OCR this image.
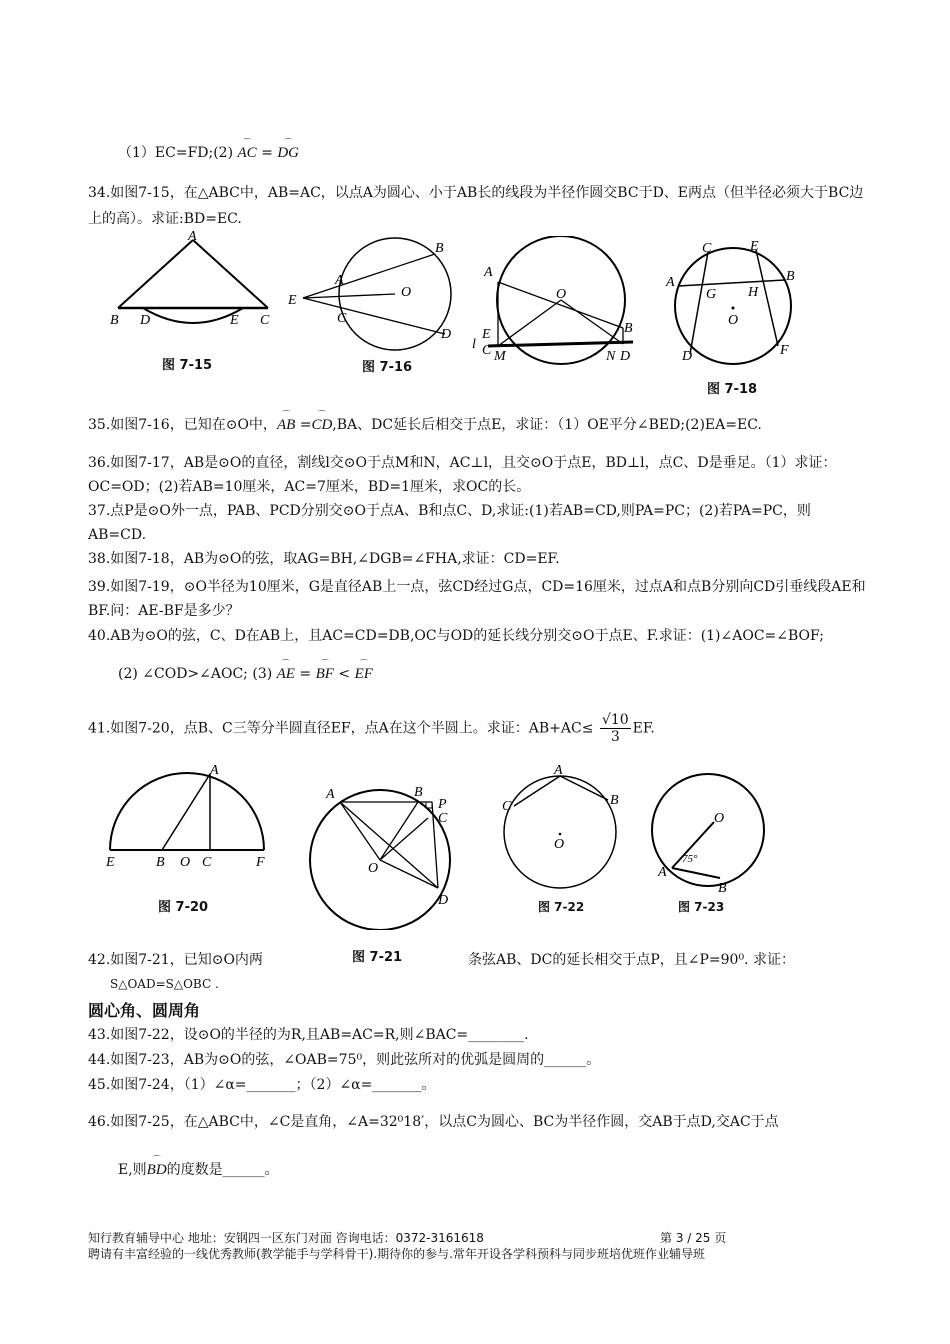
（1）EC=FD;(2) ⌒ AC = ⌒ DG
34.如图7-15，在△ABC中，AB=AC，以点A为圆心、小于AB长的线段为半径作圆交BC于D、E两点（但半径必须大于BC边上的高）。求证:BD=EC.
A
B D	E C
图 7-15
A
B
E
O
C
D
图 7-16
A
O
E
C M	N D
B
l
C	E
A
G H
B
O
D	F
图 7-18
35.如图7-16，已知在⊙O中，⌒ AB =⌒ CD,BA、DC延长后相交于点E，求证：（1）OE平分∠BED;(2)EA=EC.
36.如图7-17，AB是⊙O的直径，割线l交⊙O于点M和N，AC⊥l，且交⊙O于点E，BD⊥l，点C、D是垂足。（1）求证：OC=OD；(2)若AB=10厘米，AC=7厘米，BD=1厘米，求OC的长。
37.点P是⊙O外一点，PAB、PCD分别交⊙O于点A、B和点C、D,求证:(1)若AB=CD,则PA=PC；(2)若PA=PC，则AB=CD.
38.如图7-18，AB为⊙O的弦，取AG=BH,∠DGB=∠FHA,求证：CD=EF.
39.如图7-19，⊙O半径为10厘米，G是直径AB上一点，弦CD经过G点，CD=16厘米，过点A和点B分别向CD引垂线段AE和BF.问：AE-BF是多少？
40.AB为⊙O的弦，C、D在AB上，且AC=CD=DB,OC与OD的延长线分别交⊙O于点E、F.求证：(1)∠AOC=∠BOF;
(2) ∠COD>∠AOC; (3) ⌒ AE = ⌒ BF < ⌒ EF
41.如图7-20，点B、C三等分半圆直径EF，点A在这个半圆上。求证：$AB+AC\le \frac{√10}{3}$ EF.
A
E	B O C	F
图 7-20
A	B
P
C
O
D
图 7-21
A
C	B
O
图 7-22
O
75°
A
B
图 7-23
42.如图7-21，已知⊙O内两	条弦AB、DC的延长相交于点P，且∠P=90⁰. 求证：
S△OAD=S△OBC .
圆心角、圆周角
43.如图7-22，设⊙O的半径的为R,且AB=AC=R,则∠BAC=________.
44.如图7-23，AB为⊙O的弦，∠OAB=75⁰，则此弦所对的优弧是圆周的______。
45.如图7-24，（1）∠α=_______；（2）∠α=_______。
46.如图7-25，在△ABC中，∠C是直角，∠A=32⁰18′，以点C为圆心、BC为半径作圆，交AB于点D,交AC于点
E,则⌒ BD的度数是______。
知行教育辅导中心 地址：安钢四一区东门对面 咨询电话：0372-3161618	第 3 / 25 页
聘请有丰富经验的一线优秀教师(教学能手与学科骨干).期待你的参与.常年开设各学科预科与同步班培优班作业辅导班
